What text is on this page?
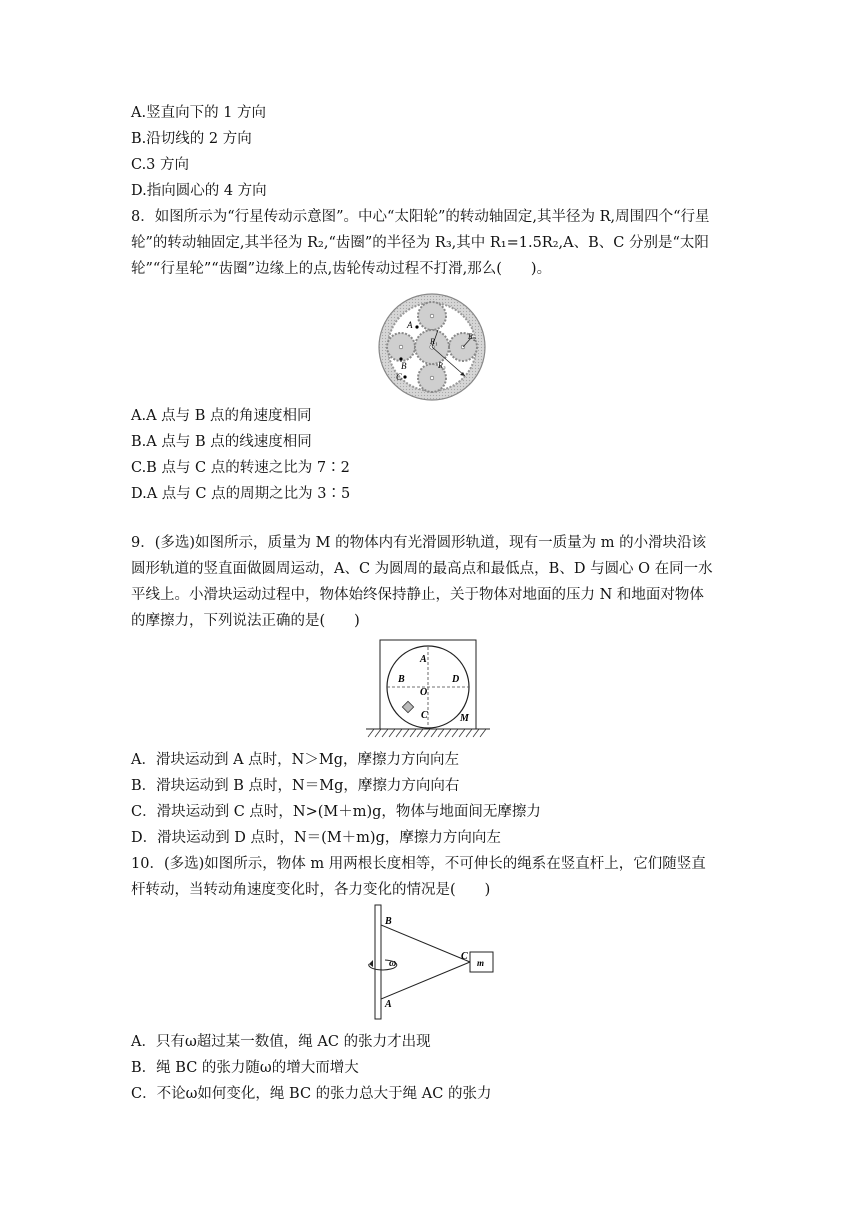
A.竖直向下的 1 方向
B.沿切线的 2 方向
C.3 方向
D.指向圆心的 4 方向
8．如图所示为“行星传动示意图”。中心“太阳轮”的转动轴固定,其半径为 R,周围四个“行星
轮”的转动轴固定,其半径为 R₂,“齿圈”的半径为 R₃,其中 R₁=1.5R₂,A、B、C 分别是“太阳
轮”“行星轮”“齿圈”边缘上的点,齿轮传动过程不打滑,那么(　　)。
A
B
C
R₁
R₂
R₃
A.A 点与 B 点的角速度相同
B.A 点与 B 点的线速度相同
C.B 点与 C 点的转速之比为 7∶2
D.A 点与 C 点的周期之比为 3∶5
9．(多选)如图所示，质量为 M 的物体内有光滑圆形轨道，现有一质量为 m 的小滑块沿该
圆形轨道的竖直面做圆周运动，A、C 为圆周的最高点和最低点，B、D 与圆心 O 在同一水
平线上。小滑块运动过程中，物体始终保持静止，关于物体对地面的压力 N 和地面对物体
的摩擦力，下列说法正确的是(　　)
A
B	D
O
C	M
A．滑块运动到 A 点时，N＞Mg，摩擦力方向向左
B．滑块运动到 B 点时，N＝Mg，摩擦力方向向右
C．滑块运动到 C 点时，N>(M＋m)g，物体与地面间无摩擦力
D．滑块运动到 D 点时，N＝(M＋m)g，摩擦力方向向左
10．(多选)如图所示，物体 m 用两根长度相等，不可伸长的绳系在竖直杆上，它们随竖直
杆转动，当转动角速度变化时，各力变化的情况是(　　)
B
A
C
m
ω
A．只有ω超过某一数值，绳 AC 的张力才出现
B．绳 BC 的张力随ω的增大而增大
C．不论ω如何变化，绳 BC 的张力总大于绳 AC 的张力
